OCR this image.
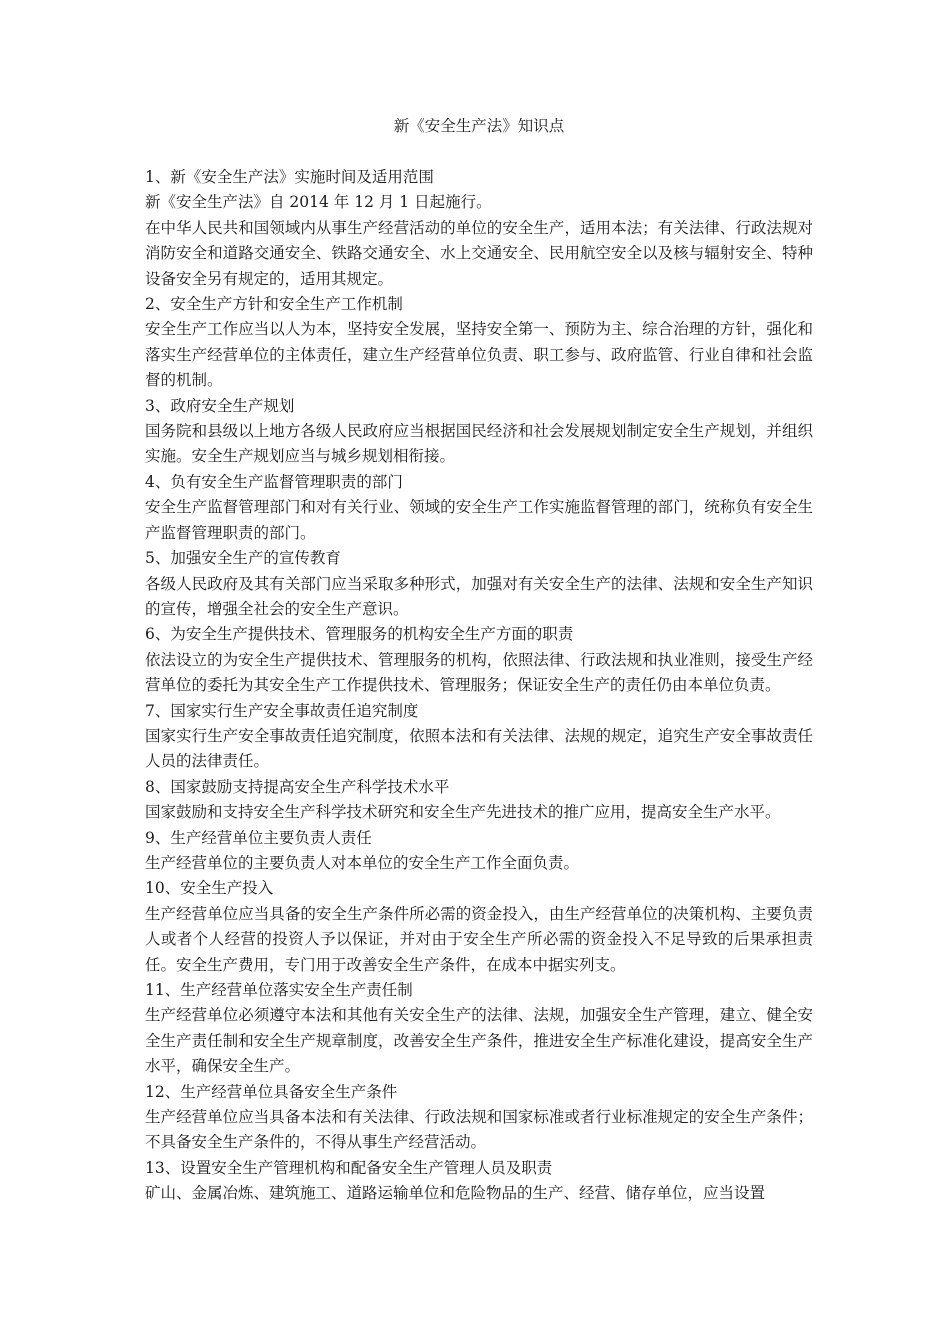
新《安全生产法》知识点

1、新《安全生产法》实施时间及适用范围

新《安全生产法》自 2014 年 12 月 1 日起施行。

在中华人民共和国领域内从事生产经营活动的单位的安全生产，适用本法；有关法律、行政法规对消防安全和道路交通安全、铁路交通安全、水上交通安全、民用航空安全以及核与辐射安全、特种设备安全另有规定的，适用其规定。

2、安全生产方针和安全生产工作机制

安全生产工作应当以人为本，坚持安全发展，坚持安全第一、预防为主、综合治理的方针，强化和落实生产经营单位的主体责任，建立生产经营单位负责、职工参与、政府监管、行业自律和社会监督的机制。

3、政府安全生产规划

国务院和县级以上地方各级人民政府应当根据国民经济和社会发展规划制定安全生产规划，并组织实施。安全生产规划应当与城乡规划相衔接。

4、负有安全生产监督管理职责的部门

安全生产监督管理部门和对有关行业、领域的安全生产工作实施监督管理的部门，统称负有安全生产监督管理职责的部门。

5、加强安全生产的宣传教育

各级人民政府及其有关部门应当采取多种形式，加强对有关安全生产的法律、法规和安全生产知识的宣传，增强全社会的安全生产意识。

6、为安全生产提供技术、管理服务的机构安全生产方面的职责

依法设立的为安全生产提供技术、管理服务的机构，依照法律、行政法规和执业准则，接受生产经营单位的委托为其安全生产工作提供技术、管理服务；保证安全生产的责任仍由本单位负责。

7、国家实行生产安全事故责任追究制度

国家实行生产安全事故责任追究制度，依照本法和有关法律、法规的规定，追究生产安全事故责任人员的法律责任。

8、国家鼓励支持提高安全生产科学技术水平

国家鼓励和支持安全生产科学技术研究和安全生产先进技术的推广应用，提高安全生产水平。

9、生产经营单位主要负责人责任

生产经营单位的主要负责人对本单位的安全生产工作全面负责。

10、安全生产投入

生产经营单位应当具备的安全生产条件所必需的资金投入，由生产经营单位的决策机构、主要负责人或者个人经营的投资人予以保证，并对由于安全生产所必需的资金投入不足导致的后果承担责任。安全生产费用，专门用于改善安全生产条件，在成本中据实列支。

11、生产经营单位落实安全生产责任制

生产经营单位必须遵守本法和其他有关安全生产的法律、法规，加强安全生产管理，建立、健全安全生产责任制和安全生产规章制度，改善安全生产条件，推进安全生产标准化建设，提高安全生产水平，确保安全生产。

12、生产经营单位具备安全生产条件

生产经营单位应当具备本法和有关法律、行政法规和国家标准或者行业标准规定的安全生产条件；不具备安全生产条件的，不得从事生产经营活动。

13、设置安全生产管理机构和配备安全生产管理人员及职责

矿山、金属冶炼、建筑施工、道路运输单位和危险物品的生产、经营、储存单位，应当设置
